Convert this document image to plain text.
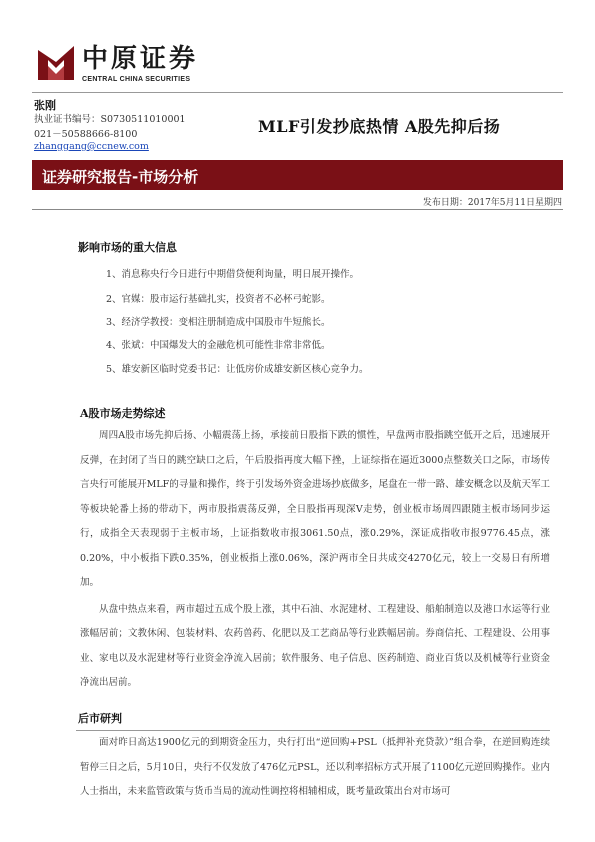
中原证券
CENTRAL CHINA SECURITIES
张刚
执业证书编号：S0730511010001
021－50588666-8100
zhanggang@ccnew.com
MLF引发抄底热情 A股先抑后扬
证券研究报告-市场分析
发布日期：2017年5月11日星期四
影响市场的重大信息
1、消息称央行今日进行中期借贷便利询量，明日展开操作。
2、官媒：股市运行基础扎实，投资者不必杯弓蛇影。
3、经济学教授：变相注册制造成中国股市牛短熊长。
4、张斌：中国爆发大的金融危机可能性非常非常低。
5、雄安新区临时党委书记：让低房价成雄安新区核心竞争力。
A股市场走势综述

周四A股市场先抑后扬、小幅震荡上扬，承接前日股指下跌的惯性，早盘两市股指跳空低开之后，迅速展开反弹，在封闭了当日的跳空缺口之后，午后股指再度大幅下挫，上证综指在逼近3000点整数关口之际，市场传言央行可能展开MLF的寻量和操作，终于引发场外资金进场抄底做多，尾盘在一带一路、雄安概念以及航天军工等板块轮番上扬的带动下，两市股指震荡反弹，全日股指再现深V走势，创业板市场周四跟随主板市场同步运行，成指全天表现弱于主板市场，上证指数收市报3061.50点，涨0.29%，深证成指收市报9776.45点，涨0.20%，中小板指下跌0.35%，创业板指上涨0.06%，深沪两市全日共成交4270亿元，较上一交易日有所增加。

从盘中热点来看，两市超过五成个股上涨，其中石油、水泥建材、工程建设、船舶制造以及港口水运等行业涨幅居前；文教休闲、包装材料、农药兽药、化肥以及工艺商品等行业跌幅居前。券商信托、工程建设、公用事业、家电以及水泥建材等行业资金净流入居前；软件服务、电子信息、医药制造、商业百货以及机械等行业资金净流出居前。

后市研判

面对昨日高达1900亿元的到期资金压力，央行打出“逆回购+PSL（抵押补充贷款）”组合拳，在逆回购连续暂停三日之后，5月10日，央行不仅发放了476亿元PSL，还以利率招标方式开展了1100亿元逆回购操作。业内人士指出，未来监管政策与货币当局的流动性调控将相辅相成，既考量政策出台对市场可
